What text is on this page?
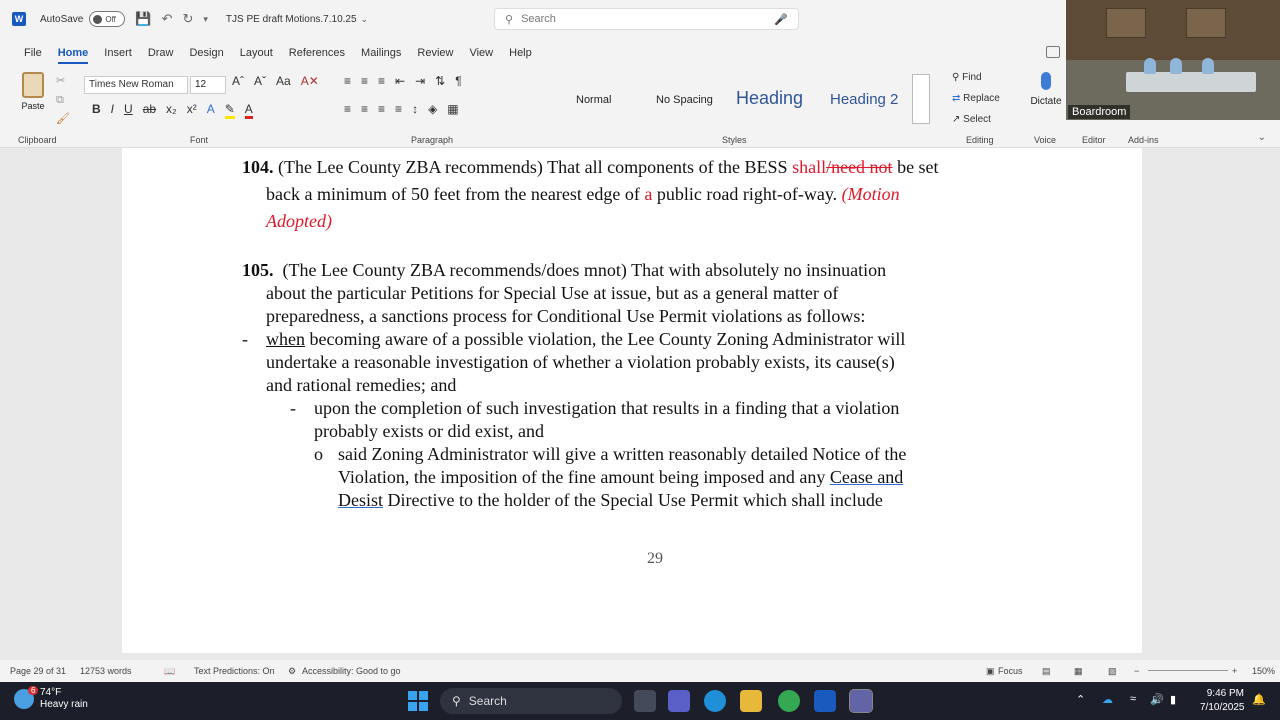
W AutoSave	Off 💾 ↶ ↻ ▾ TJS PE draft Motions.7.10.25 ⌄	⚲ Search	🎤
File	Home	Insert	Draw	Design	Layout	References	Mailings	Review	View	Help
Paste
✂
⧉
🖌
Times New Roman	12	Aˆ Aˇ Aa A✕
B I U ab x₂ x² A ✎ A
≡ ≡ ≡ ⇤ ⇥ ⇅ ¶
≡ ≡ ≡ ≡ ↕ ◈ ▦
Normal	No Spacing Heading Heading 2
⚲ Find
⇄ Replace
↗ Select
Dictate
Clipboard	Font	Paragraph	Styles	Editing	Voice	Editor Add-ins	⌄
Boardroom
104. (The Lee County ZBA recommends) That all components of the BESS shall/need not be set
back a minimum of 50 feet from the nearest edge of a public road right-of-way. (Motion
Adopted)
105. (The Lee County ZBA recommends/does mnot) That with absolutely no insinuation
about the particular Petitions for Special Use at issue, but as a general matter of
preparedness, a sanctions process for Conditional Use Permit violations as follows:
- when becoming aware of a possible violation, the Lee County Zoning Administrator will
undertake a reasonable investigation of whether a violation probably exists, its cause(s)
and rational remedies; and
- upon the completion of such investigation that results in a finding that a violation
probably exists or did exist, and
o said Zoning Administrator will give a written reasonably detailed Notice of the
Violation, the imposition of the fine amount being imposed and any Cease and
Desist Directive to the holder of the Special Use Permit which shall include
29
Page 29 of 31 12753 words	📖 Text Predictions: On ⚙ Accessibility: Good to go	▣ Focus ▤	▦	▧ −	+ 150%
6 74°F
Heavy rain	⚲ Search	⌃ ☁ ≈ 🔊 ▮
9:46 PM
7/10/2025
🔔
